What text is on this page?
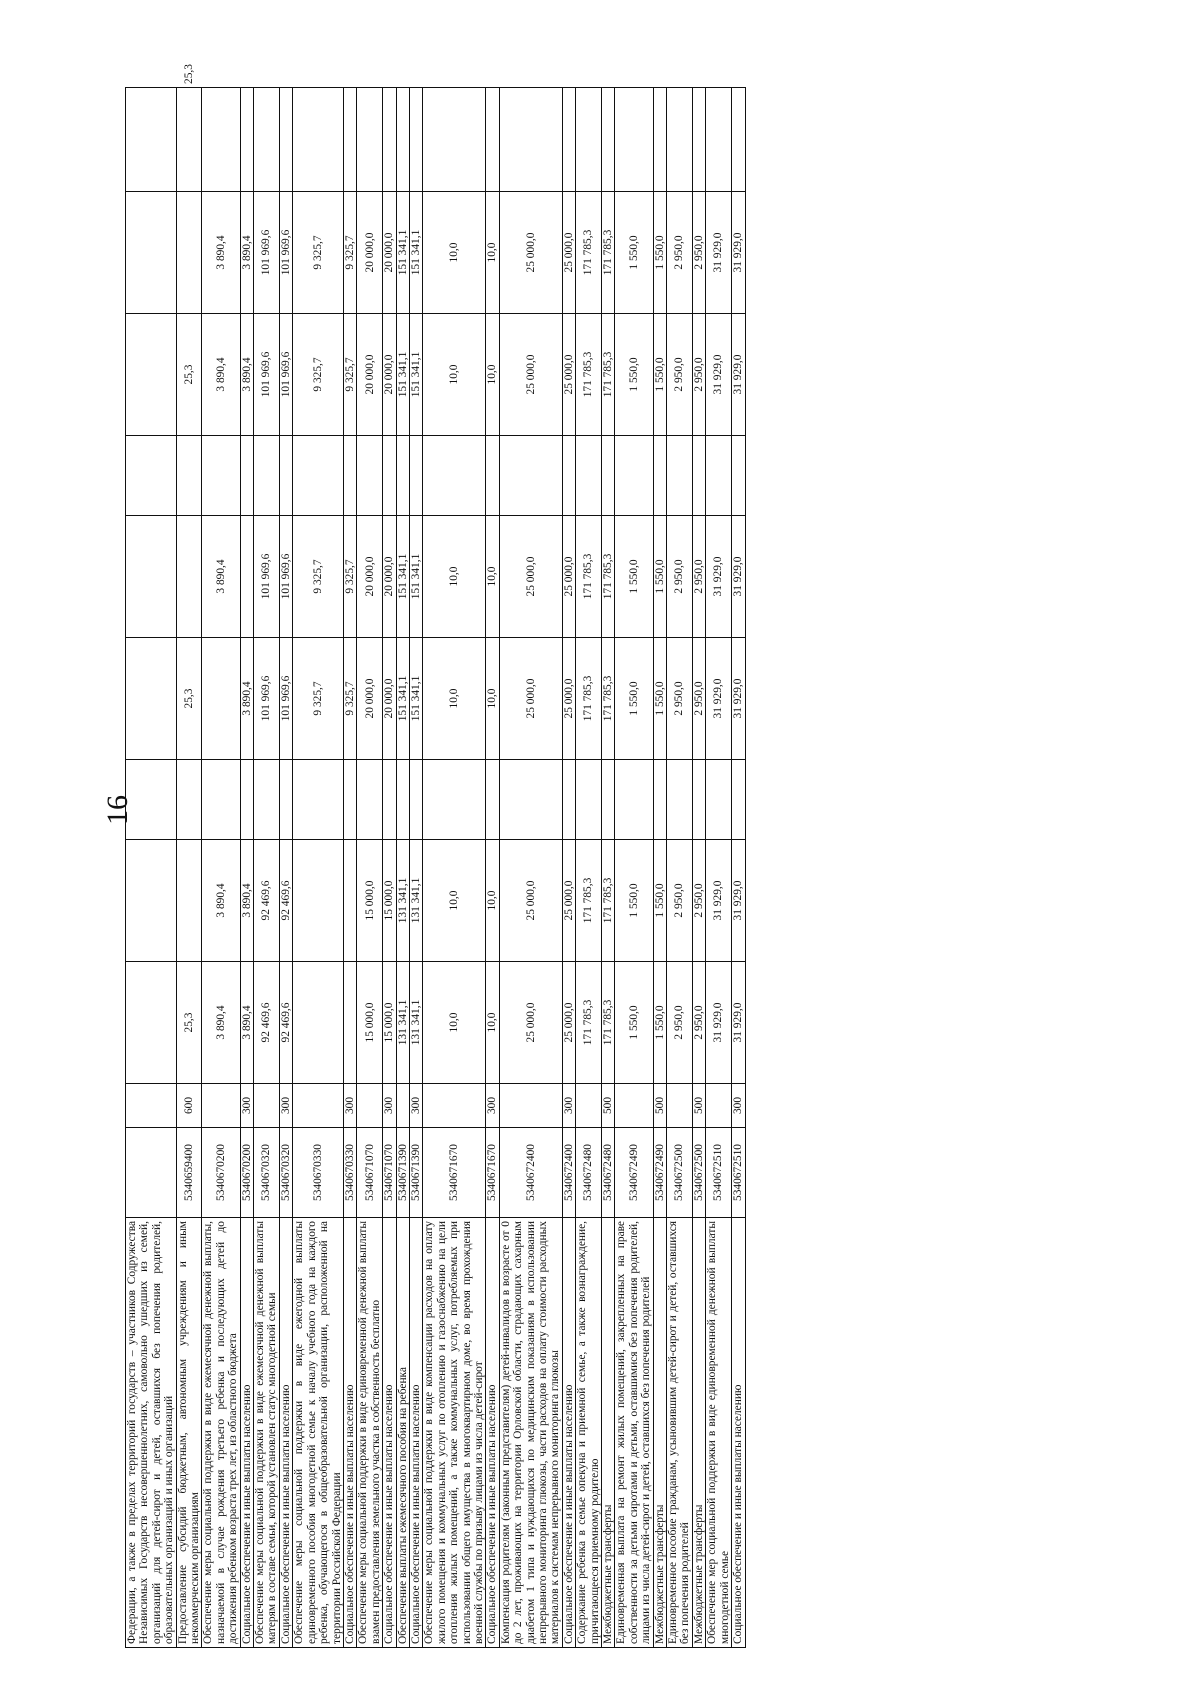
16

Федерации, а также в пределах территорий государств – участников Содружества Независимых Государств несовершеннолетних, самовольно ушедших из семей, организаций для детей-сирот и детей, оставшихся без попечения родителей, образовательных организаций и иных организаций												
Предоставление субсидий бюджетным, автономным учреждениям и иным некоммерческим организациям	5340659400	600	25,3			25,3			25,3			25,3
Обеспечение меры социальной поддержки в виде ежемесячной денежной выплаты, назначаемой в случае рождения третьего ребенка и последующих детей до достижения ребенком возраста трех лет, из областного бюджета	5340670200		3 890,4	3 890,4			3 890,4		3 890,4	3 890,4		
Социальное обеспечение и иные выплаты населению	5340670200	300	3 890,4	3 890,4		3 890,4			3 890,4	3 890,4		
Обеспечение меры социальной поддержки в виде ежемесячной денежной выплаты матерям в составе семьи, которой установлен статус многодетной семьи	5340670320		92 469,6	92 469,6		101 969,6	101 969,6		101 969,6	101 969,6		
Социальное обеспечение и иные выплаты населению	5340670320	300	92 469,6	92 469,6		101 969,6	101 969,6		101 969,6	101 969,6		
Обеспечение меры социальной поддержки в виде ежегодной выплаты единовременного пособия многодетной семье к началу учебного года на каждого ребенка, обучающегося в общеобразовательной организации, расположенной на территории Российской Федерации	5340670330					9 325,7	9 325,7		9 325,7	9 325,7		
Социальное обеспечение и иные выплаты населению	5340670330	300				9 325,7	9 325,7		9 325,7	9 325,7		
Обеспечение меры социальной поддержки в виде единовременной денежной выплаты взамен предоставления земельного участка в собственность бесплатно	5340671070		15 000,0	15 000,0		20 000,0	20 000,0		20 000,0	20 000,0		
Социальное обеспечение и иные выплаты населению	5340671070	300	15 000,0	15 000,0		20 000,0	20 000,0		20 000,0	20 000,0		
Обеспечение выплаты ежемесячного пособия на ребенка	5340671390		131 341,1	131 341,1		151 341,1	151 341,1		151 341,1	151 341,1		
Социальное обеспечение и иные выплаты населению	5340671390	300	131 341,1	131 341,1		151 341,1	151 341,1		151 341,1	151 341,1		
Обеспечение меры социальной поддержки в виде компенсации расходов на оплату жилого помещения и коммунальных услуг по отоплению и газоснабжению на цели отопления жилых помещений, а также коммунальных услуг, потребляемых при использовании общего имущества в многоквартирном доме, во время прохождения военной службы по призыву лицами из числа детей-сирот	5340671670		10,0	10,0		10,0	10,0		10,0	10,0		
Социальное обеспечение и иные выплаты населению	5340671670	300	10,0	10,0		10,0	10,0		10,0	10,0		
Компенсация родителям (законным представителям) детей-инвалидов в возрасте от 0 до 2 лет, проживающих на территории Орловской области, страдающих сахарным диабетом 1 типа и нуждающихся по медицинским показаниям в использовании непрерывного мониторинга глюкозы, части расходов на оплату стоимости расходных материалов к системам непрерывного мониторинга глюкозы	5340672400		25 000,0	25 000,0		25 000,0	25 000,0		25 000,0	25 000,0		
Социальное обеспечение и иные выплаты населению	5340672400	300	25 000,0	25 000,0		25 000,0	25 000,0		25 000,0	25 000,0		
Содержание ребенка в семье опекуна и приемной семье, а также вознаграждение, причитающееся приемному родителю	5340672480		171 785,3	171 785,3		171 785,3	171 785,3		171 785,3	171 785,3		
Межбюджетные трансферты	5340672480	500	171 785,3	171 785,3		171 785,3	171 785,3		171 785,3	171 785,3		
Единовременная выплата на ремонт жилых помещений, закрепленных на праве собственности за детьми сиротами и детьми, оставшимися без попечения родителей, лицами из числа детей-сирот и детей, оставшихся без попечения родителей	5340672490		1 550,0	1 550,0		1 550,0	1 550,0		1 550,0	1 550,0		
Межбюджетные трансферты	5340672490	500	1 550,0	1 550,0		1 550,0	1 550,0		1 550,0	1 550,0		
Единовременное пособие гражданам, усыновившим детей-сирот и детей, оставшихся без попечения родителей	5340672500		2 950,0	2 950,0		2 950,0	2 950,0		2 950,0	2 950,0		
Межбюджетные трансферты	5340672500	500	2 950,0	2 950,0		2 950,0	2 950,0		2 950,0	2 950,0		
Обеспечение мер социальной поддержки в виде единовременной денежной выплаты многодетной семье	5340672510		31 929,0	31 929,0		31 929,0	31 929,0		31 929,0	31 929,0		
Социальное обеспечение и иные выплаты населению	5340672510	300	31 929,0	31 929,0		31 929,0	31 929,0		31 929,0	31 929,0		
